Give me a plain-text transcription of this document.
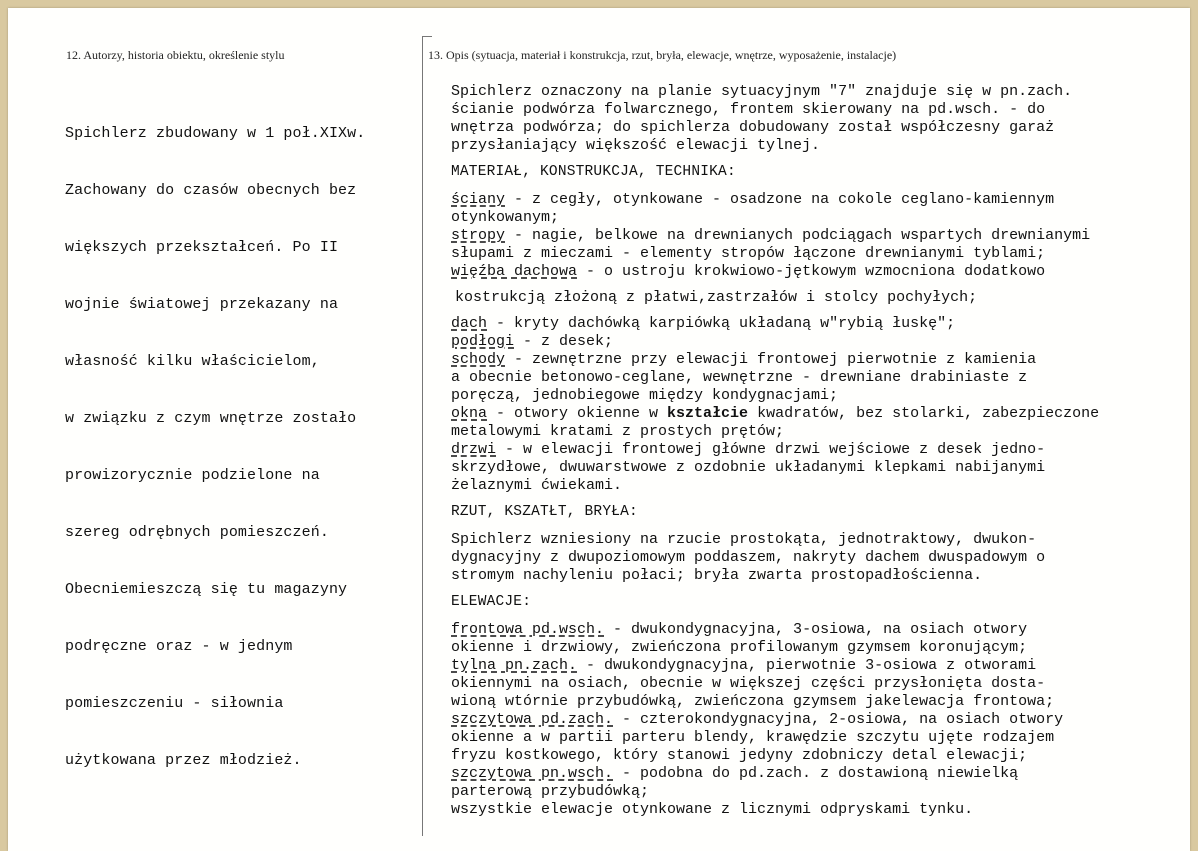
12. Autorzy, historia obiektu, określenie stylu	13. Opis (sytuacja, materiał i konstrukcja, rzut, bryła, elewacje, wnętrze, wyposażenie, instalacje)

Spichlerz zbudowany w 1 poł.XIXw.

Zachowany do czasów obecnych bez

większych przekształceń. Po II

wojnie światowej przekazany na

własność kilku właścicielom,

w związku z czym wnętrze zostało

prowizorycznie podzielone na

szereg odrębnych pomieszczeń.

Obecniemieszczą się tu magazyny

podręczne oraz - w jednym

pomieszczeniu - siłownia

użytkowana przez młodzież.

Spichlerz oznaczony na planie sytuacyjnym "7" znajduje się w pn.zach.
ścianie podwórza folwarcznego, frontem skierowany na pd.wsch. - do
wnętrza podwórza; do spichlerza dobudowany został współczesny garaż
przysłaniający większość elewacji tylnej.
MATERIAŁ, KONSTRUKCJA, TECHNIKA:
ściany - z cegły, otynkowane - osadzone na cokole ceglano-kamiennym
otynkowanym;
stropy - nagie, belkowe na drewnianych podciągach wspartych drewnianymi
słupami z mieczami - elementy stropów łączone drewnianymi tyblami;
więźba dachowa - o ustroju krokwiowo-jętkowym wzmocniona dodatkowo
kostrukcją złożoną z płatwi,zastrzałów i stolcy pochyłych;
dach - kryty dachówką karpiówką układaną w"rybią łuskę";
podłogi - z desek;
schody - zewnętrzne przy elewacji frontowej pierwotnie z kamienia
a obecnie betonowo-ceglane, wewnętrzne - drewniane drabiniaste z
poręczą, jednobiegowe między kondygnacjami;
okna - otwory okienne w kształcie kwadratów, bez stolarki, zabezpieczone
metalowymi kratami z prostych prętów;
drzwi - w elewacji frontowej główne drzwi wejściowe z desek jedno-
skrzydłowe, dwuwarstwowe z ozdobnie układanymi klepkami nabijanymi
żelaznymi ćwiekami.
RZUT, KSZATŁT, BRYŁA:
Spichlerz wzniesiony na rzucie prostokąta, jednotraktowy, dwukon-
dygnacyjny z dwupoziomowym poddaszem, nakryty dachem dwuspadowym o
stromym nachyleniu połaci; bryła zwarta prostopadłościenna.
ELEWACJE:
frontowa pd.wsch. - dwukondygnacyjna, 3-osiowa, na osiach otwory
okienne i drzwiowy, zwieńczona profilowanym gzymsem koronującym;
tylna pn.zach. - dwukondygnacyjna, pierwotnie 3-osiowa z otworami
okiennymi na osiach, obecnie w większej części przysłonięta dosta-
wioną wtórnie przybudówką, zwieńczona gzymsem jakelewacja frontowa;
szczytowa pd.zach. - czterokondygnacyjna, 2-osiowa, na osiach otwory
okienne a w partii parteru blendy, krawędzie szczytu ujęte rodzajem
fryzu kostkowego, który stanowi jedyny zdobniczy detal elewacji;
szczytowa pn.wsch. - podobna do pd.zach. z dostawioną niewielką
parterową przybudówką;
wszystkie elewacje otynkowane z licznymi odpryskami tynku.
